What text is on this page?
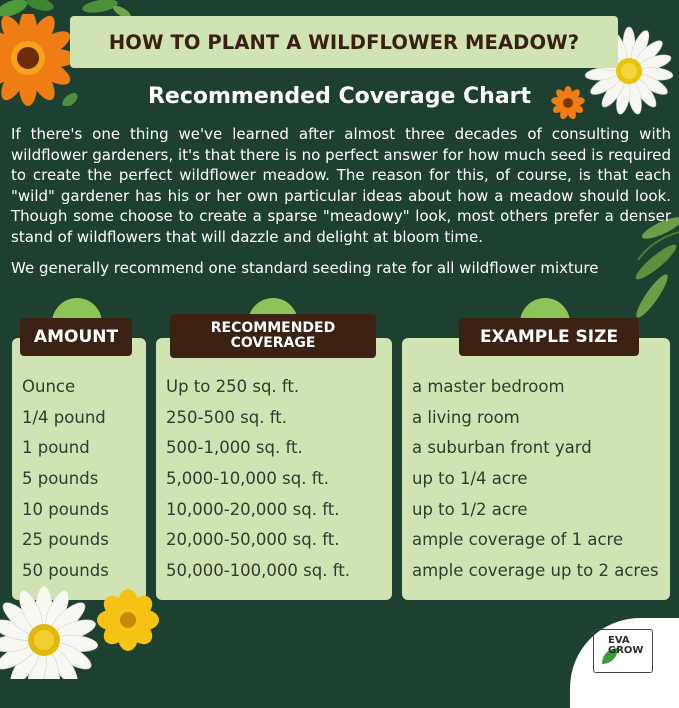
HOW TO PLANT A WILDFLOWER MEADOW?
Recommended Coverage Chart

If there's one thing we've learned after almost three decades of consulting with wildflower gardeners, it's that there is no perfect answer for how much seed is required to create the perfect wildflower meadow. The reason for this, of course, is that each "wild" gardener has his or her own particular ideas about how a meadow should look. Though some choose to create a sparse "meadowy" look, most others prefer a denser stand of wildflowers that will dazzle and delight at bloom time.

We generally recommend one standard seeding rate for all wildflower mixture

AMOUNT	RECOMMENDED
COVERAGE	EXAMPLE SIZE
Ounce
1/4 pound
1 pound
5 pounds
10 pounds
25 pounds
50 pounds
Up to 250 sq. ft.
250-500 sq. ft.
500-1,000 sq. ft.
5,000-10,000 sq. ft.
10,000-20,000 sq. ft.
20,000-50,000 sq. ft.
50,000-100,000 sq. ft.
a master bedroom
a living room
a suburban front yard
up to 1/4 acre
up to 1/2 acre
ample coverage of 1 acre
ample coverage up to 2 acres
EVA
GROW
